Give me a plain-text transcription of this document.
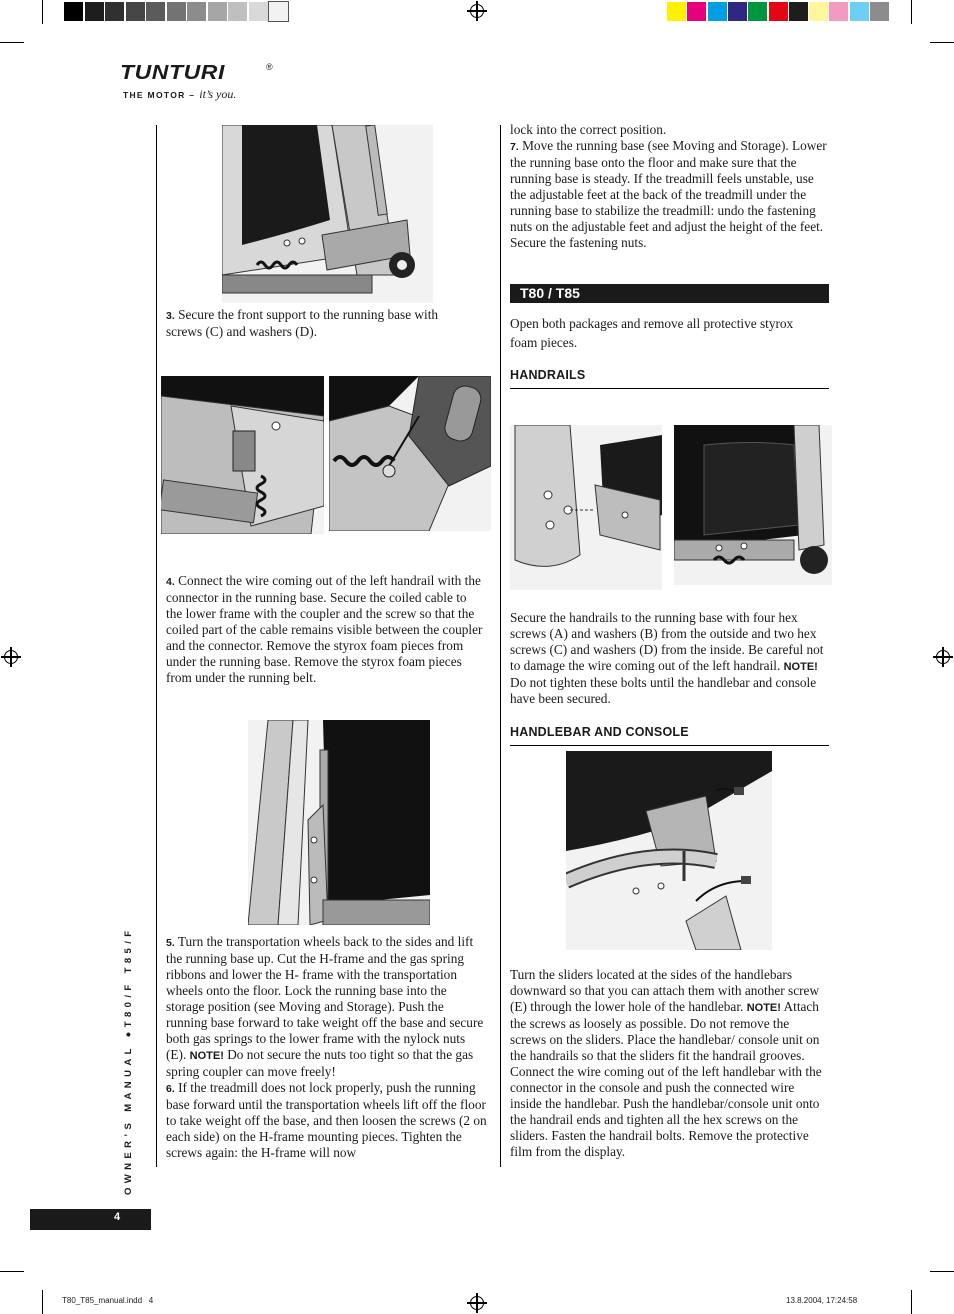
TUNTURI	®
THE MOTOR – it’s you.
OWNER’S MANUAL ●T80/F T85/F
4
T80_T85_manual.indd   4	13.8.2004, 17:24:58
3. Secure the front support to the running base with screws (C) and washers (D).
4. Connect the wire coming out of the left handrail with the connector in the running base. Secure the coiled cable to the lower frame with the coupler and the screw so that the coiled part of the cable remains visible between the coupler and the connector. Remove the styrox foam pieces from under the running base. Remove the styrox foam pieces from under the running belt.
5. Turn the transportation wheels back to the sides and lift the running base up. Cut the H-frame and the gas spring ribbons and lower the H- frame with the transportation wheels onto the floor. Lock the running base into the storage position (see Moving and Storage). Push the running base forward to take weight off the base and secure both gas springs to the lower frame with the nylock nuts (E). NOTE! Do not secure the nuts too tight so that the gas spring coupler can move freely!
6. If the treadmill does not lock properly, push the running base forward until the transportation wheels lift off the floor to take weight off the base, and then loosen the screws (2 on each side) on the H-frame mounting pieces. Tighten the screws again: the H-frame will now
lock into the correct position.
7. Move the running base (see Moving and Storage). Lower the running base onto the floor and make sure that the running base is steady. If the treadmill feels unstable, use the adjustable feet at the back of the treadmill under the running base to stabilize the treadmill: undo the fastening nuts on the adjustable feet and adjust the height of the feet. Secure the fastening nuts.
T80 / T85
Open both packages and remove all protective styrox foam pieces.
HANDRAILS
Secure the handrails to the running base with four hex screws (A) and washers (B) from the outside and two hex screws (C) and washers (D) from the inside. Be careful not to damage the wire coming out of the left handrail. NOTE! Do not tighten these bolts until the handlebar and console have been secured.
HANDLEBAR AND CONSOLE
Turn the sliders located at the sides of the handlebars downward so that you can attach them with another screw (E) through the lower hole of the handlebar. NOTE! Attach the screws as loosely as possible. Do not remove the screws on the sliders. Place the handlebar/ console unit on the handrails so that the sliders fit the handrail grooves. Connect the wire coming out of the left handlebar with the connector in the console and push the connected wire inside the handlebar. Push the handlebar/console unit onto the handrail ends and tighten all the hex screws on the sliders. Fasten the handrail bolts. Remove the protective film from the display.
